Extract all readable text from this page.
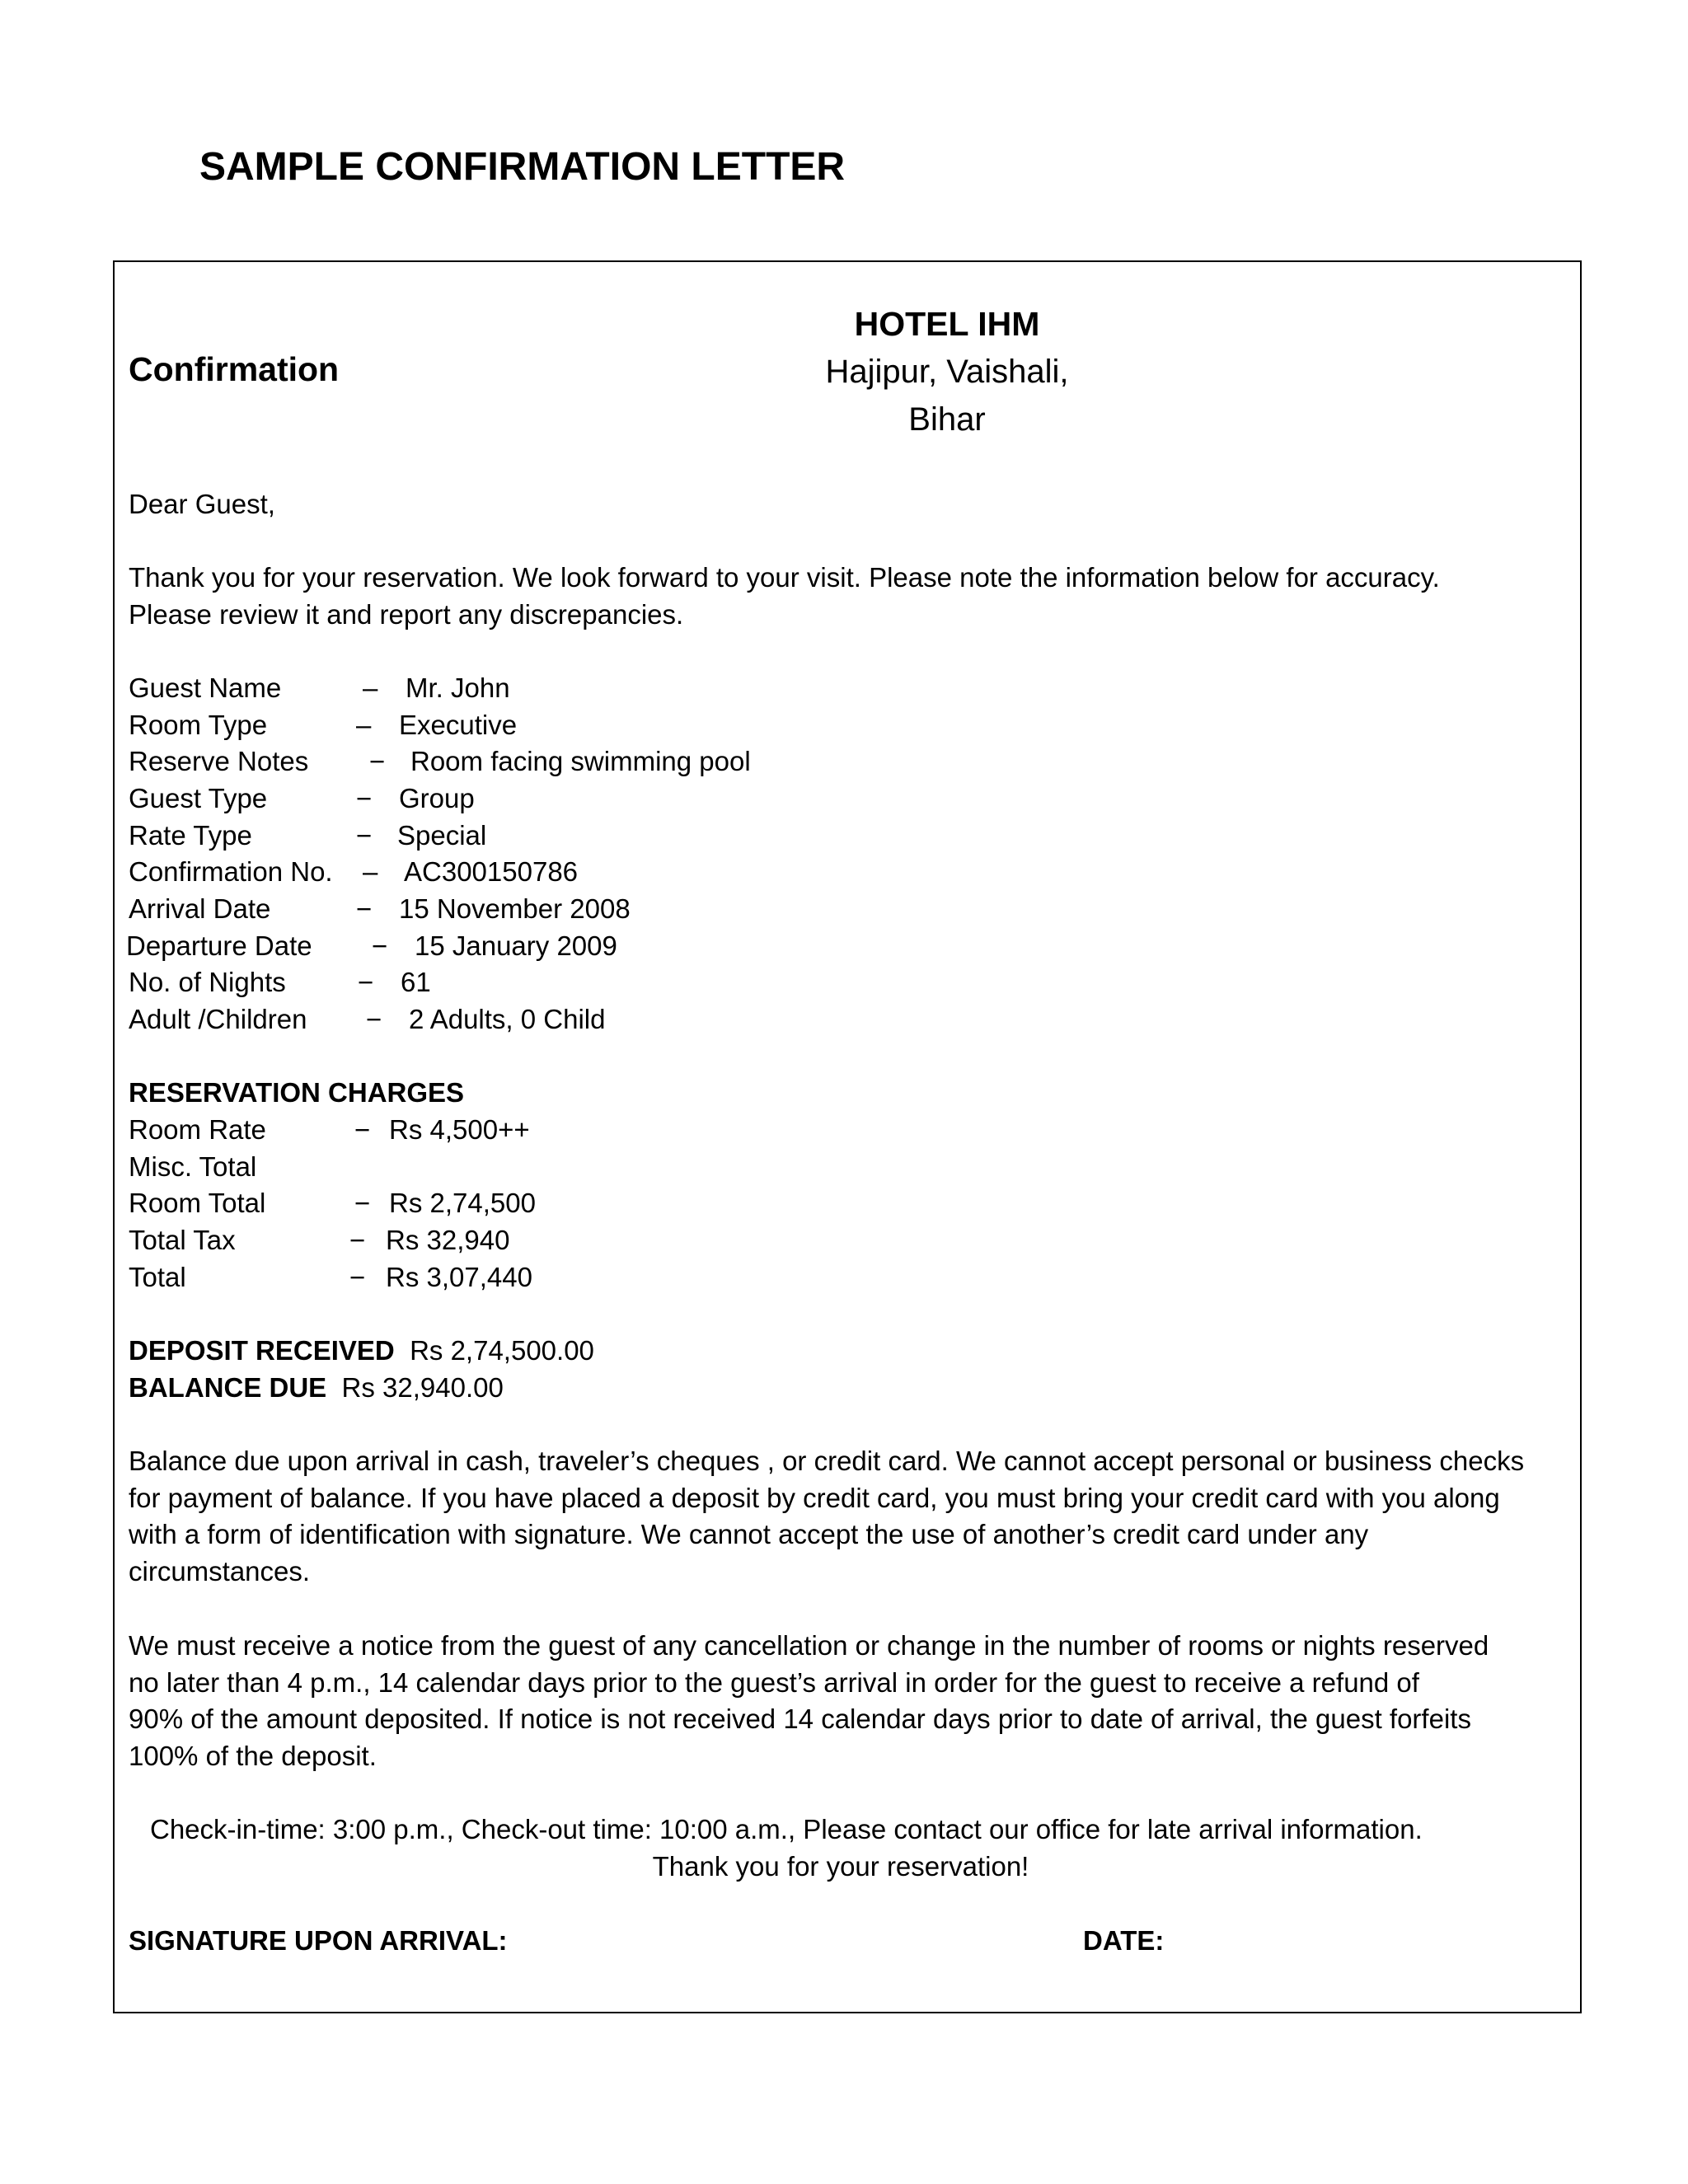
SAMPLE CONFIRMATION LETTER
Confirmation
HOTEL IHM
Hajipur, Vaishali,
Bihar
Dear Guest,
Thank you for your reservation. We look forward to your visit. Please note the information below for accuracy.
Please review it and report any discrepancies.
Guest Name	– Mr. John
Room Type	– Executive
Reserve Notes − Room facing swimming pool
Guest Type	− Group
Rate Type	− Special
Confirmation No. – AC300150786
Arrival Date	− 15 November 2008
Departure Date − 15 January 2009
No. of Nights	− 61
Adult /Children − 2 Adults, 0 Child
RESERVATION CHARGES
Room Rate	− Rs 4,500++
Misc. Total
Room Total	− Rs 2,74,500
Total Tax	− Rs 32,940
Total	− Rs 3,07,440
DEPOSIT RECEIVED Rs 2,74,500.00
BALANCE DUE Rs 32,940.00
Balance due upon arrival in cash, traveler’s cheques , or credit card. We cannot accept personal or business checks
for payment of balance. If you have placed a deposit by credit card, you must bring your credit card with you along
with a form of identification with signature. We cannot accept the use of another’s credit card under any
circumstances.
We must receive a notice from the guest of any cancellation or change in the number of rooms or nights reserved
no later than 4 p.m., 14 calendar days prior to the guest’s arrival in order for the guest to receive a refund of
90% of the amount deposited. If notice is not received 14 calendar days prior to date of arrival, the guest forfeits
100% of the deposit.
Check-in-time: 3:00 p.m., Check-out time: 10:00 a.m., Please contact our office for late arrival information.
Thank you for your reservation!
SIGNATURE UPON ARRIVAL:	DATE:
